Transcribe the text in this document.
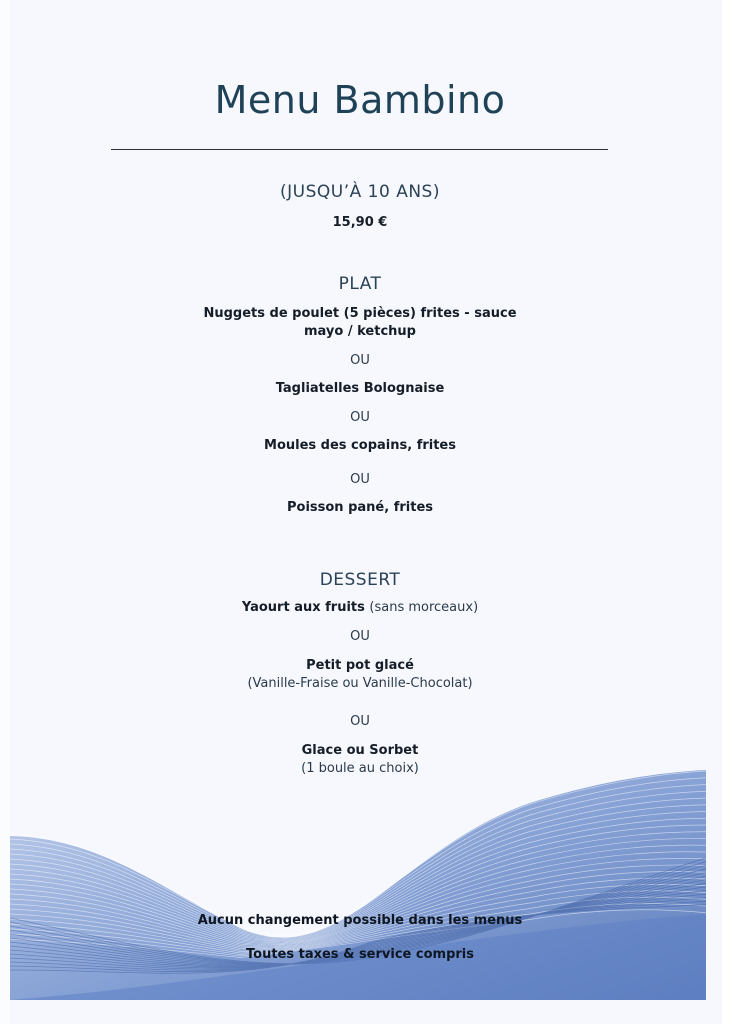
Menu Bambino
(JUSQU’À 10 ANS)
15,90 €
PLAT
Nuggets de poulet (5 pièces) frites - sauce
mayo / ketchup
OU
Tagliatelles Bolognaise
OU
Moules des copains, frites
OU
Poisson pané, frites
DESSERT
Yaourt aux fruits (sans morceaux)
OU
Petit pot glacé
(Vanille-Fraise ou Vanille-Chocolat)
OU
Glace ou Sorbet
(1 boule au choix)
Aucun changement possible dans les menus
Toutes taxes & service compris
